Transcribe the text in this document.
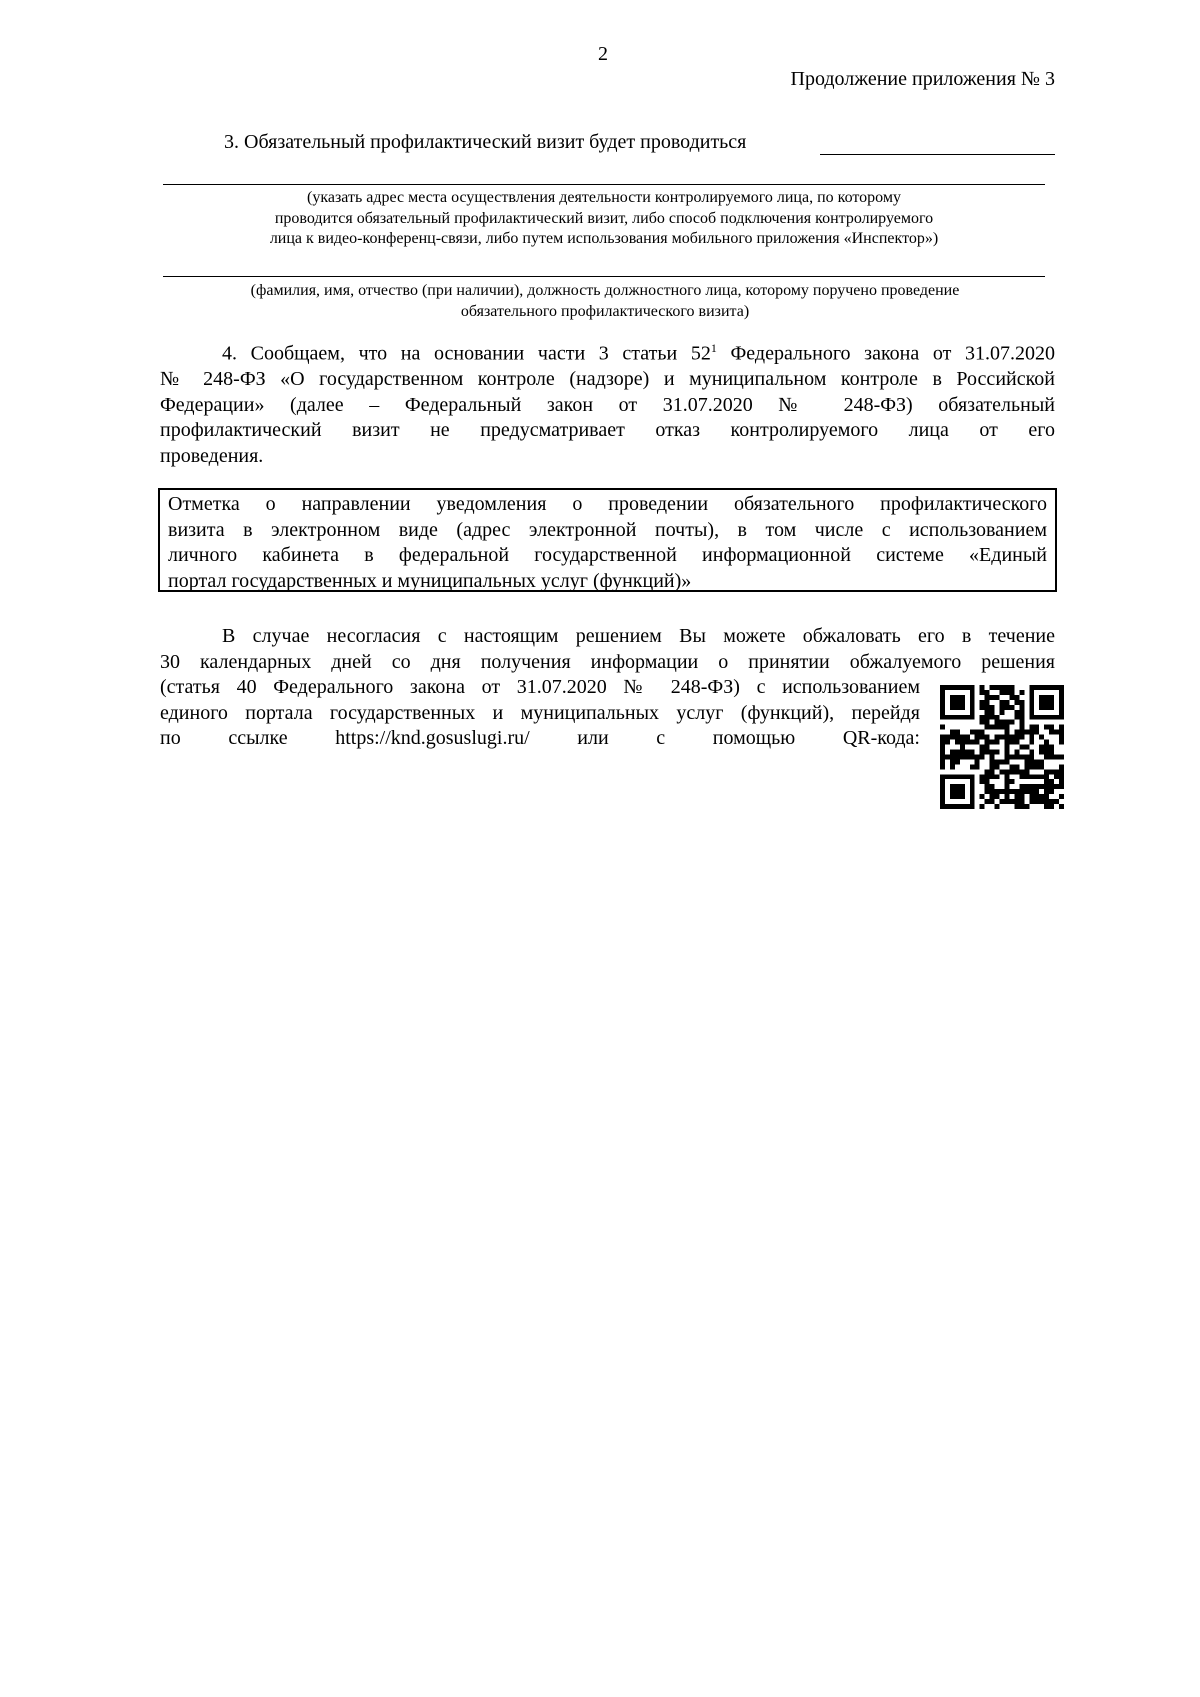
2
Продолжение приложения № 3
3. Обязательный профилактический визит будет проводиться
(указать адрес места осуществления деятельности контролируемого лица, по которому
проводится обязательный профилактический визит, либо способ подключения контролируемого
лица к видео-конференц-связи, либо путем использования мобильного приложения «Инспектор»)
(фамилия, имя, отчество (при наличии), должность должностного лица, которому поручено проведение
обязательного профилактического визита)
4. Сообщаем, что на основании части 3 статьи $52^1$ Федерального закона от 31.07.2020
№ 248-ФЗ «О государственном контроле (надзоре) и муниципальном контроле в Российской
Федерации» (далее – Федеральный закон от 31.07.2020 № 248-ФЗ) обязательный
профилактический визит не предусматривает отказ контролируемого лица от его
проведения.
Отметка о направлении уведомления о проведении обязательного профилактического
визита в электронном виде (адрес электронной почты), в том числе с использованием
личного кабинета в федеральной государственной информационной системе «Единый
портал государственных и муниципальных услуг (функций)»
В случае несогласия с настоящим решением Вы можете обжаловать его в течение
30 календарных дней со дня получения информации о принятии обжалуемого решения
(статья 40 Федерального закона от 31.07.2020 № 248-ФЗ) с использованием
единого портала государственных и муниципальных услуг (функций), перейдя
по ссылке https://knd.gosuslugi.ru/ или с помощью QR-кода:
